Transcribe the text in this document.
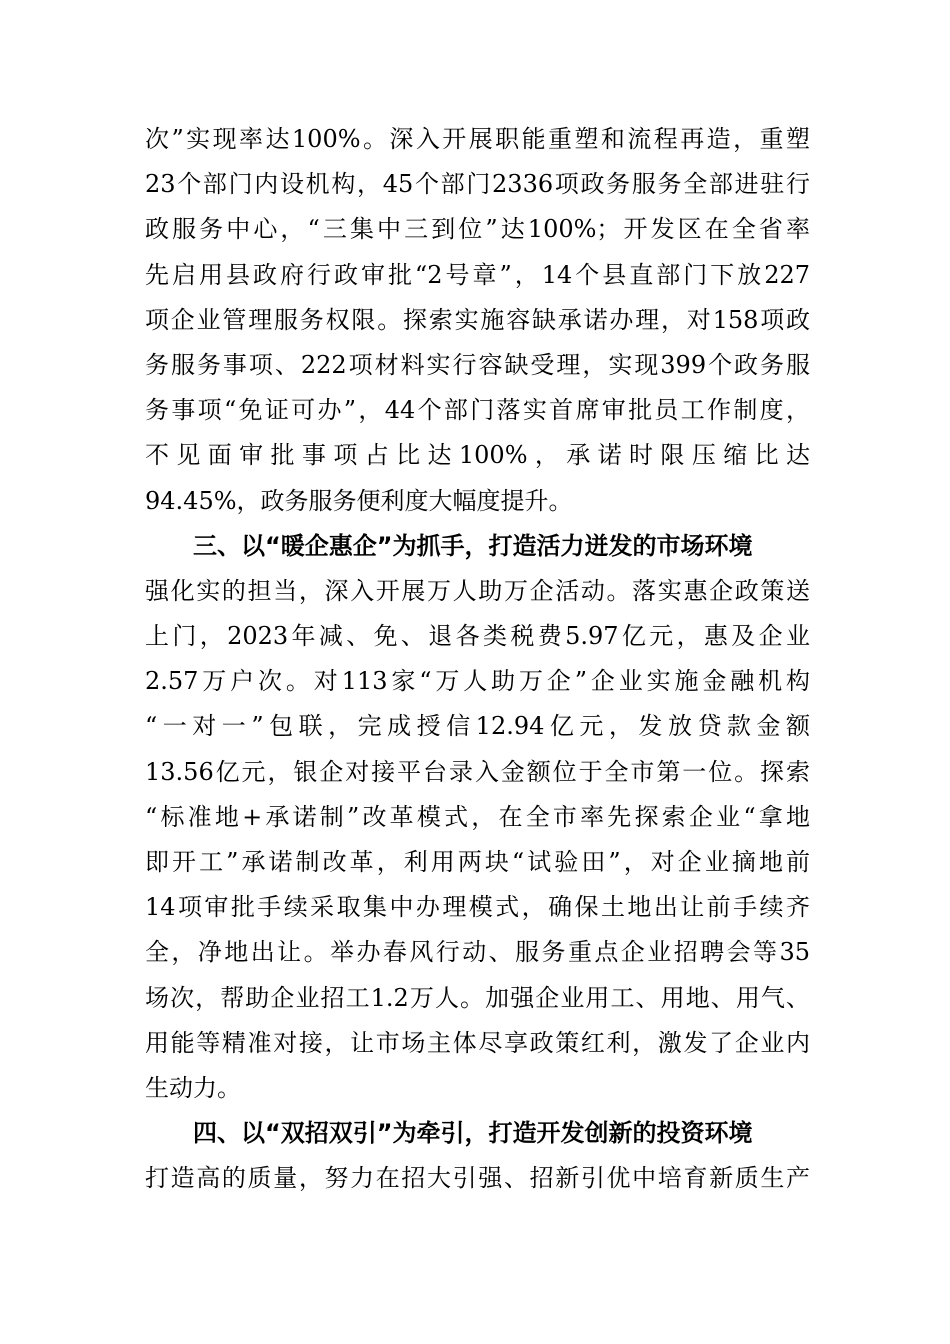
次”实现率达100%。深入开展职能重塑和流程再造，重塑
23个部门内设机构，45个部门2336项政务服务全部进驻行
政服务中心，“三集中三到位”达100%；开发区在全省率
先启用县政府行政审批“2号章”，14个县直部门下放227
项企业管理服务权限。探索实施容缺承诺办理，对158项政
务服务事项、222项材料实行容缺受理，实现399个政务服
务事项“免证可办”，44个部门落实首席审批员工作制度，
不见面审批事项占比达100%，承诺时限压缩比达
94.45%，政务服务便利度大幅度提升。
三、以“暖企惠企”为抓手，打造活力迸发的市场环境
强化实的担当，深入开展万人助万企活动。落实惠企政策送
上门，2023年减、免、退各类税费5.97亿元，惠及企业
2.57万户次。对113家“万人助万企”企业实施金融机构
“一对一”包联，完成授信12.94亿元，发放贷款金额
13.56亿元，银企对接平台录入金额位于全市第一位。探索
“标准地+承诺制”改革模式，在全市率先探索企业“拿地
即开工”承诺制改革，利用两块“试验田”，对企业摘地前
14项审批手续采取集中办理模式，确保土地出让前手续齐
全，净地出让。举办春风行动、服务重点企业招聘会等35
场次，帮助企业招工1.2万人。加强企业用工、用地、用气、
用能等精准对接，让市场主体尽享政策红利，激发了企业内
生动力。
四、以“双招双引”为牵引，打造开发创新的投资环境
打造高的质量，努力在招大引强、招新引优中培育新质生产
